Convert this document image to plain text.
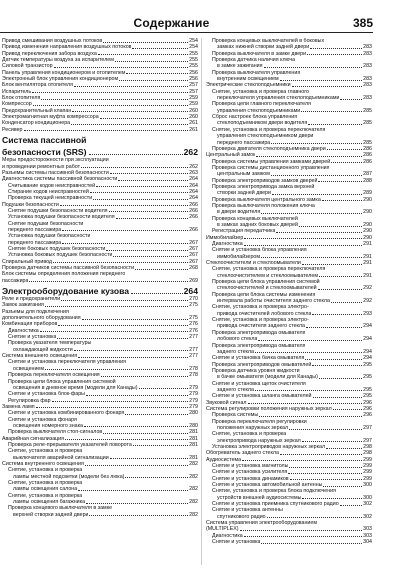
Содержание	385
Привод смешивания воздушных потоков	254
Привод изменения направления воздушных потоков	254
Привод переключения забора воздуха	255
Датчик температуры воздуха за испарителем	255
Силовой транзистор	255
Панель управления кондиционером и отопителем	256
Электронный блок управления кондиционером	256
Блок вентилятора отопителя	257
Испаритель	257
Блок отопителя	259
Компрессор	259
Предохранительный клапан	260
Электромагнитная муфта компрессора	260
Конденсатор кондиционера	261
Ресивер	261
Система пассивной
безопасности (SRS)	262
Меры предосторожности при эксплуатации
и проведении ремонтных работ	262
Разъемы системы пассивной безопасности	263
Диагностика системы пассивной безопасности	264
Считывание кодов неисправностей	264
Стирание кодов неисправностей	264
Проверка текущей неисправности	264
Подушки безопасности	266
Снятие подушки безопасности водителя	266
Установка подушки безопасности водителя	266
Снятие подушки безопасности
переднего пассажира	266
Установка подушки безопасности
переднего пассажира	267
Снятие боковых подушек безопасности	267
Установка боковых подушек безопасности	267
Спиральный привод	267
Проверка датчиков системы пассивной безопасности	268
Блок системы определения положения переднего
пассажира	269
Электрооборудование кузова	264
Реле и предохранители	270
Замок зажигания	275
Разъемы для подключения
дополнительного оборудования	275
Комбинация приборов	276
Диагностика	276
Снятие и установка	277
Проверка указателя температуры
охлаждающей жидкости	277
Система внешнего освещения	277
Снятие и установка переключателя управления
освещением	278
Проверка переключателя освещения	278
Проверка цепи блока управления системой
освещения в дневное время (модели для Канады)	279
Снятие и установка блок-фары	279
Регулировка фар	279
Замена ламп	279
Снятие и установка комбинированного фонаря	280
Снятие и установка фонаря
освещения номерного знака	280
Проверка выключателя стоп-сигналов	281
Аварийная сигнализация	281
Проверка реле-прерывателя указателей поворота	281
Снятие, установка и проверка
выключателя аварийной сигнализации	281
Система внутреннего освещения	282
Снятие, установка и проверка
лампы местной подсветки (модели без люка)	282
Снятие, установка и проверка
лампы освещения салона	282
Снятие, установка и проверка
лампы освещения багажника	282
Проверка концевого выключателя в замке
верхней створки задней двери	282
Проверка концевых выключателей в боковых
замках нижней створки задней двери	283
Проверка выключателя в замке двери	283
Проверка датчика наличия ключа
в замке зажигания	283
Проверка выключателя управления
внутренним освещением	283
Электрические стеклоподъемники	283
Снятие, установка и проверка главного
переключателя управления стеклоподъемниками	283
Проверка цепи главного переключателя
управления стеклоподъемниками	285
Сброс настроек блока управления
стеклоподъемником двери водителя	285
Снятие, установка и проверка переключателя
управления стеклоподъемником двери
переднего пассажира	285
Проверка двигателя стеклоподъемника двери	286
Центральный замок	286
Проверка системы управления замками дверей	286
Проверка системы дистанционного управления
центральным замком	287
Проверка электроприводов замков дверей	288
Проверка электропривода замка верхней
створки задней двери	289
Проверка выключателя центрального замка	290
Проверка выключателя положения ключа
в двери водителя	290
Проверка концевых выключателей
в замках задних боковых дверей	290
Регистрация передатчика	290
Иммобилайзер	290
Диагностика	291
Снятие и установка блока управления
иммобилайзером	291
Стеклоочистители и стеклоомыватели	291
Снятие, установка и проверка переключателя
стеклоочистителем и стеклоомывателем	291
Проверка цепи блока управления системой
стеклоочистителей и стеклоомывателей	292
Проверка цепи блока системы изменения
интервала работы очистителя заднего стекла	292
Снятие, установка и проверка электро-
привода очистителей лобового стекла	293
Снятие, установка и проверка электро-
привода очистителя заднего стекла	294
Проверка электропривода омывателя
лобового стекла	294
Проверка электропривода омывателя
заднего стекла	294
Снятие и установка бачка омывателя	294
Проверка электроприводов омывателей	295
Проверка датчика уровня жидкости
в бачке омывателя (модели для Канады)	295
Снятие и установка щеток очистителя
заднего стекла	295
Снятие и установка шланга омывателей	295
Звуковой сигнал	296
Система регулировки положения наружных зеркал	296
Проверка системы	296
Проверка переключателя регулировки
положения наружных зеркал	297
Снятие, установка и проверка
электропривода наружных зеркал	297
Установка электроприводов наружных зеркал	298
Обогреватель заднего стекла	298
Аудиосистема	299
Снятие и установка магнитолы	299
Снятие и установка усилителя	299
Снятие и установка динамиков	299
Снятие и установка автомобильной антенны	300
Снятие, установка и проверка блока подключения
устройств внешней аудиосистемы	300
Снятие и установка приемника спутникового радио	302
Снятие и установка антенны
спутникового радио	302
Система управления электрооборудованием
(MULTIPLEX)	303
Диагностика	303
Снятие и установка	304
